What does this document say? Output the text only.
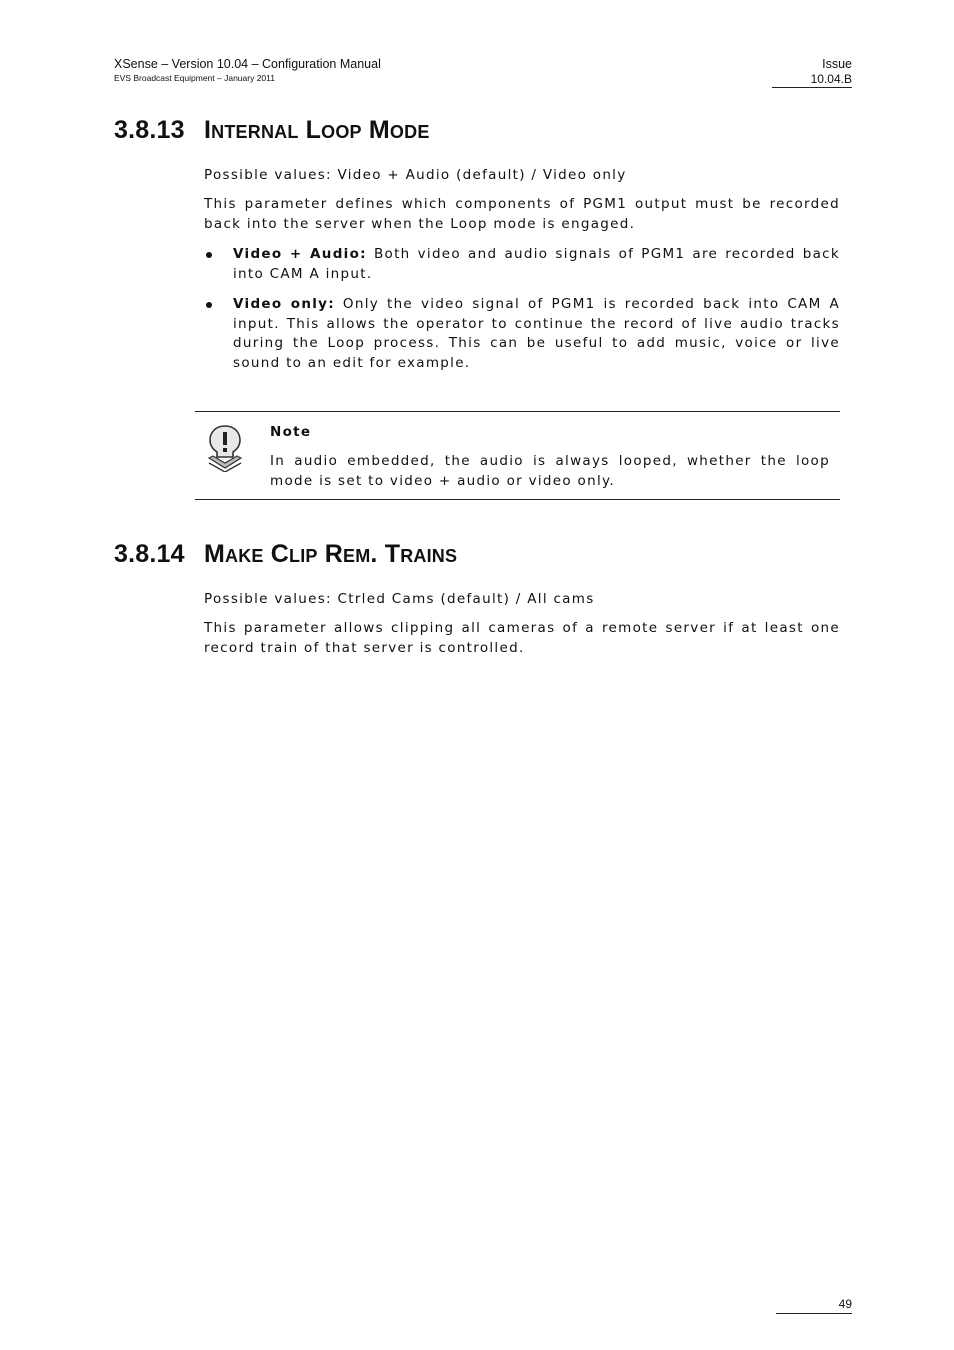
XSense – Version 10.04 – Configuration Manual
EVS Broadcast Equipment – January 2011
Issue
10.04.B
3.8.13 Internal Loop Mode

Possible values: Video + Audio (default) / Video only

This parameter defines which components of PGM1 output must be recorded back into the server when the Loop mode is engaged.

Video + Audio: Both video and audio signals of PGM1 are recorded back into CAM A input.
Video only: Only the video signal of PGM1 is recorded back into CAM A input. This allows the operator to continue the record of live audio tracks during the Loop process. This can be useful to add music, voice or live sound to an edit for example.
Note
In audio embedded, the audio is always looped, whether the loop mode is set to video + audio or video only.
3.8.14 Make Clip Rem. Trains

Possible values: Ctrled Cams (default) / All cams

This parameter allows clipping all cameras of a remote server if at least one record train of that server is controlled.

49
